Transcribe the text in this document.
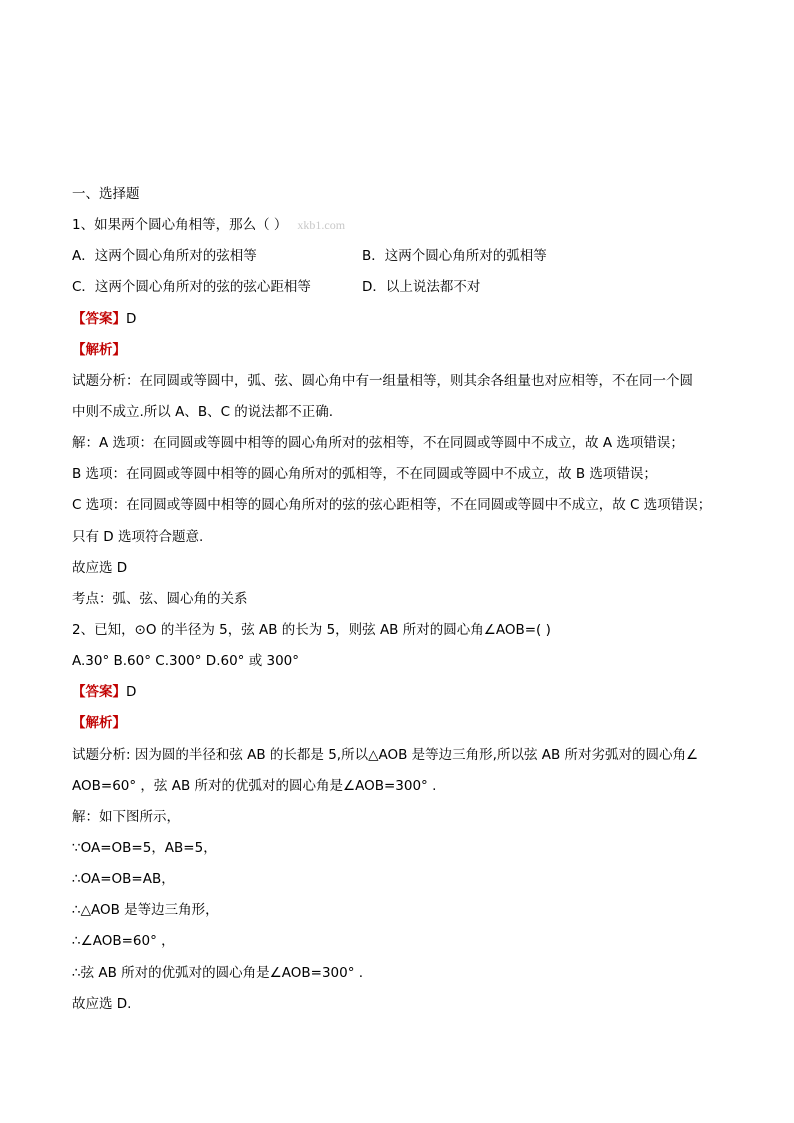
一、选择题
1、如果两个圆心角相等，那么（ ） xkb1.com
A．这两个圆心角所对的弦相等	B．这两个圆心角所对的弧相等
C．这两个圆心角所对的弦的弦心距相等	D．以上说法都不对
【答案】D
【解析】
试题分析：在同圆或等圆中，弧、弦、圆心角中有一组量相等，则其余各组量也对应相等，不在同一个圆
中则不成立.所以 A、B、C 的说法都不正确.
解：A 选项：在同圆或等圆中相等的圆心角所对的弦相等，不在同圆或等圆中不成立，故 A 选项错误；
B 选项：在同圆或等圆中相等的圆心角所对的弧相等，不在同圆或等圆中不成立，故 B 选项错误；
C 选项：在同圆或等圆中相等的圆心角所对的弦的弦心距相等，不在同圆或等圆中不成立，故 C 选项错误；
只有 D 选项符合题意.
故应选 D
考点：弧、弦、圆心角的关系
2、已知，⊙O 的半径为 5，弦 AB 的长为 5，则弦 AB 所对的圆心角∠AOB=( )
A.30° B.60° C.300° D.60° 或 300°
【答案】D
【解析】
试题分析: 因为圆的半径和弦 AB 的长都是 5,所以△AOB 是等边三角形,所以弦 AB 所对劣弧对的圆心角∠
AOB=60° ，弦 AB 所对的优弧对的圆心角是∠AOB=300° .
解：如下图所示，
∵OA=OB=5，AB=5，
∴OA=OB=AB，
∴△AOB 是等边三角形，
∴∠AOB=60° ，
∴弦 AB 所对的优弧对的圆心角是∠AOB=300° .
故应选 D.
